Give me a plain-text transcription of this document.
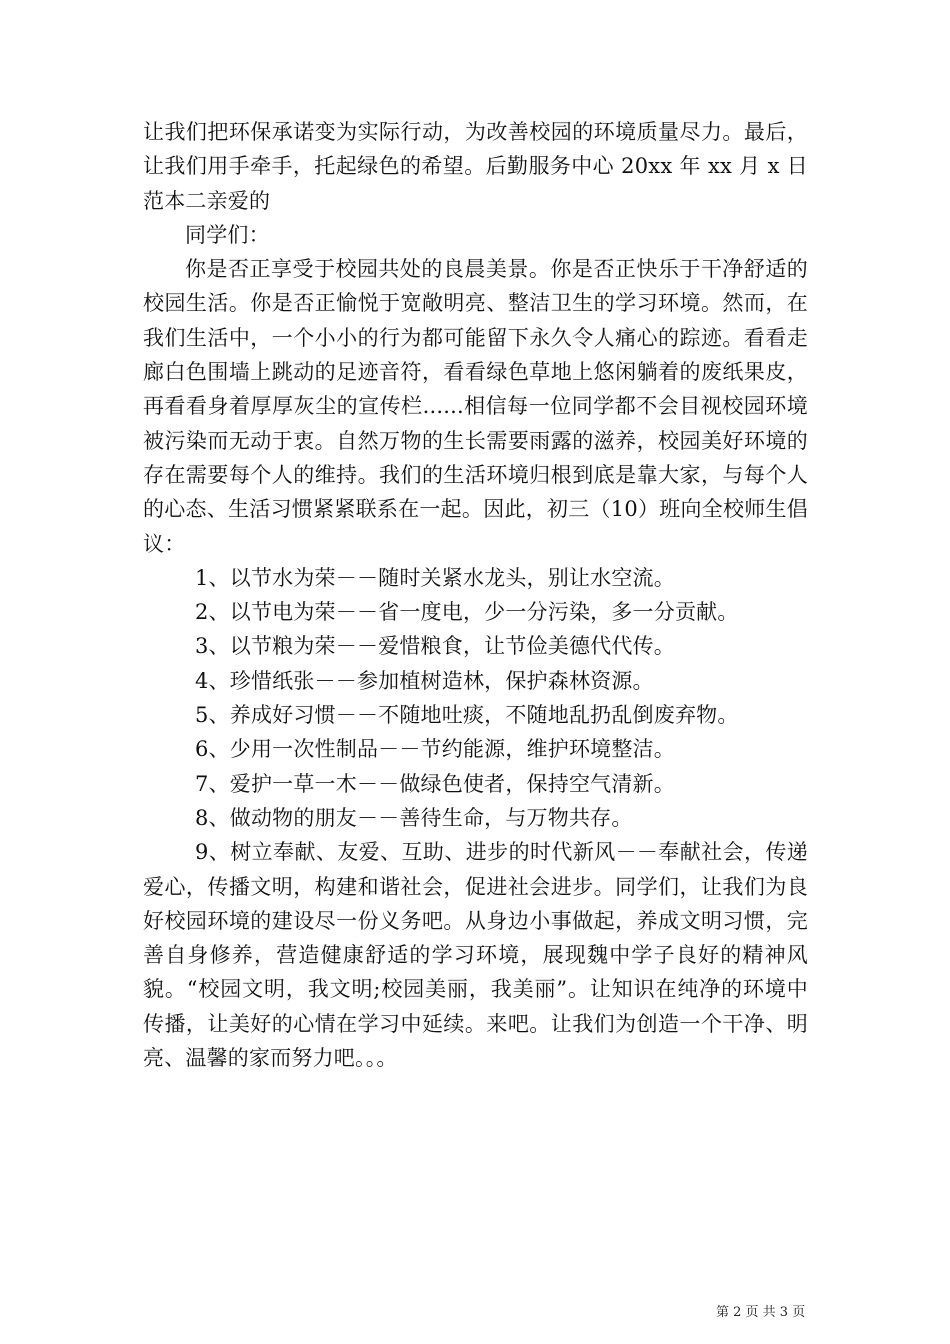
让我们把环保承诺变为实际行动，为改善校园的环境质量尽力。最后，让我们用手牵手，托起绿色的希望。后勤服务中心 20xx 年 xx 月 x 日范本二亲爱的

同学们：

你是否正享受于校园共处的良晨美景。你是否正快乐于干净舒适的校园生活。你是否正愉悦于宽敞明亮、整洁卫生的学习环境。然而，在我们生活中，一个小小的行为都可能留下永久令人痛心的踪迹。看看走廊白色围墙上跳动的足迹音符，看看绿色草地上悠闲躺着的废纸果皮，再看看身着厚厚灰尘的宣传栏......相信每一位同学都不会目视校园环境被污染而无动于衷。自然万物的生长需要雨露的滋养，校园美好环境的存在需要每个人的维持。我们的生活环境归根到底是靠大家，与每个人的心态、生活习惯紧紧联系在一起。因此，初三（10）班向全校师生倡议：

1、以节水为荣－－随时关紧水龙头，别让水空流。

2、以节电为荣－－省一度电，少一分污染，多一分贡献。

3、以节粮为荣－－爱惜粮食，让节俭美德代代传。

4、珍惜纸张－－参加植树造林，保护森林资源。

5、养成好习惯－－不随地吐痰，不随地乱扔乱倒废弃物。

6、少用一次性制品－－节约能源，维护环境整洁。

7、爱护一草一木－－做绿色使者，保持空气清新。

8、做动物的朋友－－善待生命，与万物共存。

9、树立奉献、友爱、互助、进步的时代新风－－奉献社会，传递爱心，传播文明，构建和谐社会，促进社会进步。同学们，让我们为良好校园环境的建设尽一份义务吧。从身边小事做起，养成文明习惯，完善自身修养，营造健康舒适的学习环境，展现魏中学子良好的精神风貌。“校园文明，我文明;校园美丽，我美丽”。让知识在纯净的环境中传播，让美好的心情在学习中延续。来吧。让我们为创造一个干净、明亮、温馨的家而努力吧。。。

第 2 页 共 3 页
